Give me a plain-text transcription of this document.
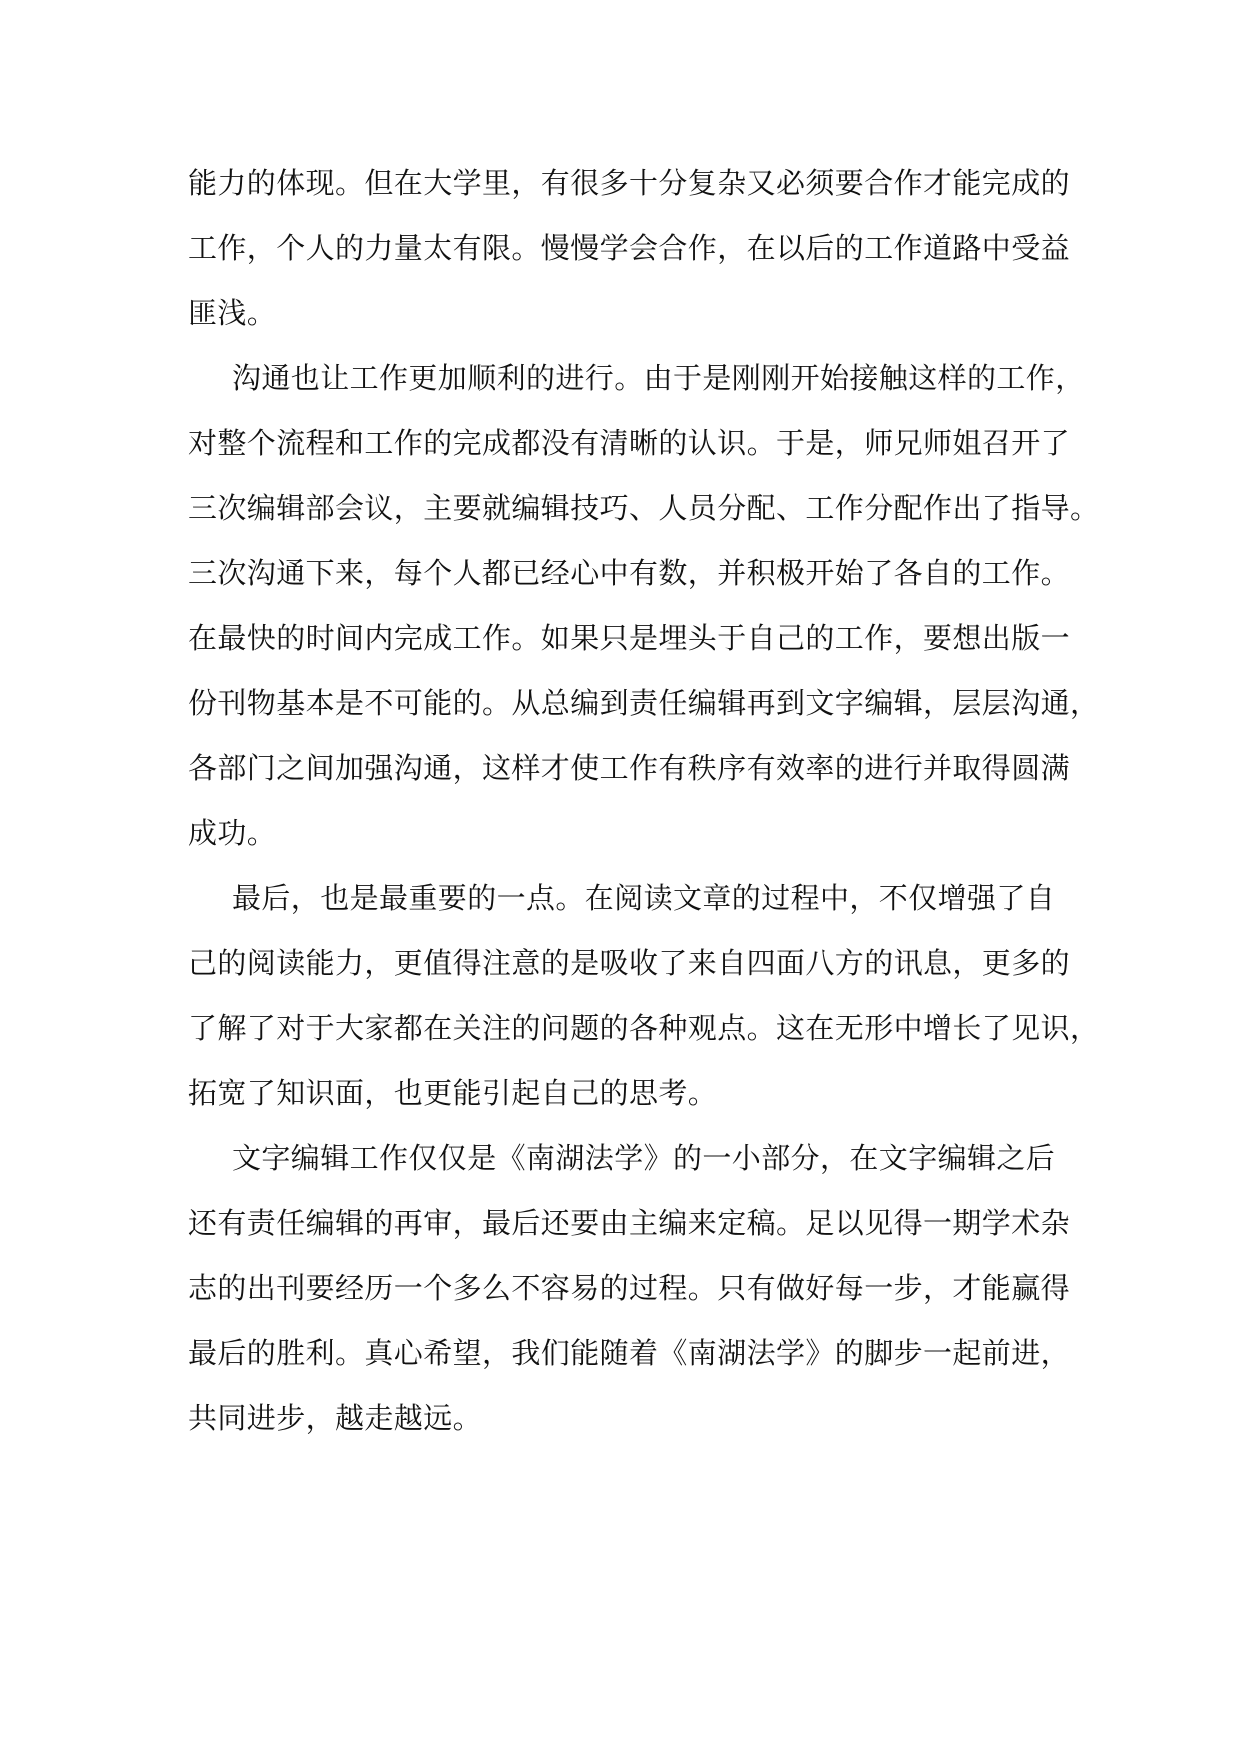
能力的体现。但在大学里，有很多十分复杂又必须要合作才能完成的
工作，个人的力量太有限。慢慢学会合作，在以后的工作道路中受益
匪浅。
沟通也让工作更加顺利的进行。由于是刚刚开始接触这样的工作，
对整个流程和工作的完成都没有清晰的认识。于是，师兄师姐召开了
三次编辑部会议，主要就编辑技巧、人员分配、工作分配作出了指导。
三次沟通下来，每个人都已经心中有数，并积极开始了各自的工作。
在最快的时间内完成工作。如果只是埋头于自己的工作，要想出版一
份刊物基本是不可能的。从总编到责任编辑再到文字编辑，层层沟通，
各部门之间加强沟通，这样才使工作有秩序有效率的进行并取得圆满
成功。
最后，也是最重要的一点。在阅读文章的过程中，不仅增强了自
己的阅读能力，更值得注意的是吸收了来自四面八方的讯息，更多的
了解了对于大家都在关注的问题的各种观点。这在无形中增长了见识，
拓宽了知识面，也更能引起自己的思考。
文字编辑工作仅仅是《南湖法学》的一小部分，在文字编辑之后
还有责任编辑的再审，最后还要由主编来定稿。足以见得一期学术杂
志的出刊要经历一个多么不容易的过程。只有做好每一步，才能赢得
最后的胜利。真心希望，我们能随着《南湖法学》的脚步一起前进，
共同进步，越走越远。
